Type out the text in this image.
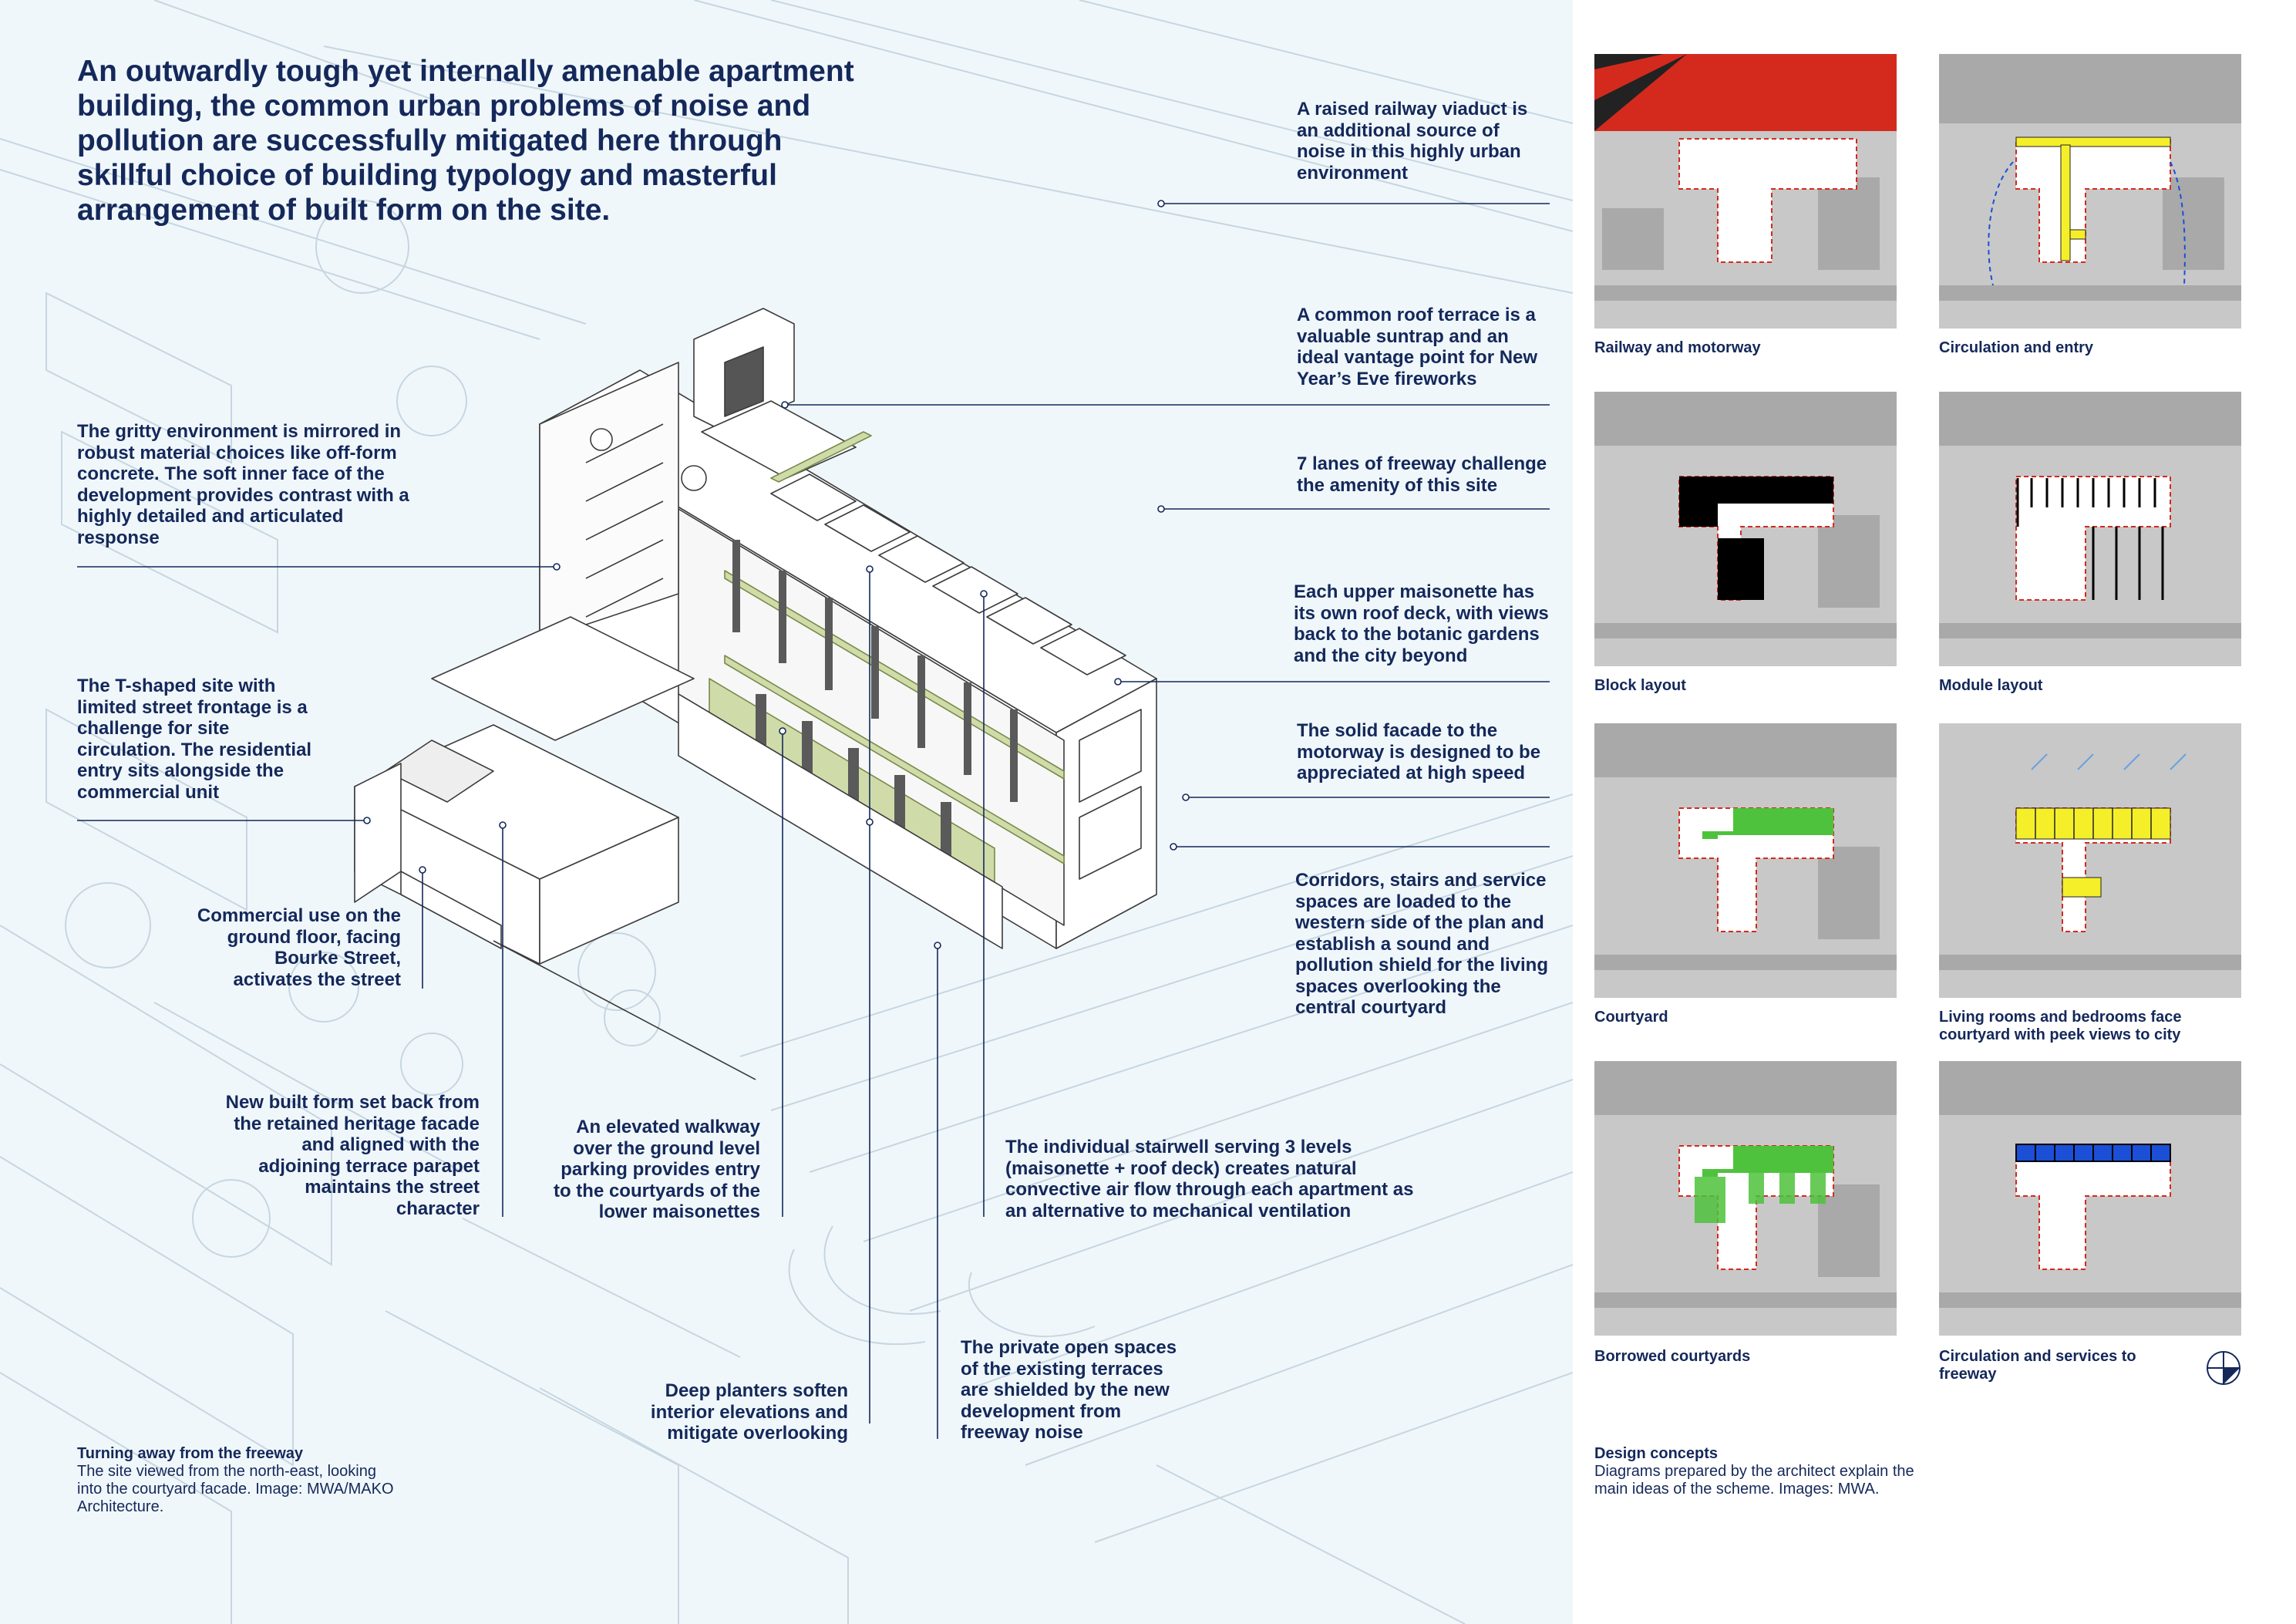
An outwardly tough yet internally amenable apartment building, the common urban problems of noise and pollution are successfully mitigated here through skillful choice of building typology and masterful arrangement of built form on the site.

A raised railway viaduct is an additional source of noise in this highly urban environment

A common roof terrace is a valuable suntrap and an ideal vantage point for New Year’s Eve fireworks

7 lanes of freeway challenge the amenity of this site

Each upper maisonette has its own roof deck, with views back to the botanic gardens and the city beyond

The solid facade to the motorway is designed to be appreciated at high speed

Corridors, stairs and service spaces are loaded to the western side of the plan and establish a sound and pollution shield for the living spaces overlooking the central courtyard

The gritty environment is mirrored in robust material choices like off-form concrete. The soft inner face of the development provides contrast with a highly detailed and articulated response

The T-shaped site with limited street frontage is a challenge for site circulation. The residential entry sits alongside the commercial unit

Commercial use on the ground floor, facing Bourke Street, activates the street

New built form set back from the retained heritage facade and aligned with the adjoining terrace parapet maintains the street character

An elevated walkway over the ground level parking provides entry to the courtyards of the lower maisonettes

The individual stairwell serving 3 levels (maisonette + roof deck) creates natural convective air flow through each apartment as an alternative to mechanical ventilation

Deep planters soften interior elevations and mitigate overlooking

The private open spaces of the existing terraces are shielded by the new development from freeway noise

Turning away from the freeway
The site viewed from the north-east, looking into the courtyard facade. Image: MWA/MAKO Architecture.

Railway and motorway	Circulation and entry

Block layout	Module layout

Courtyard	Living rooms and bedrooms face courtyard with peek views to city

Borrowed courtyards	Circulation and services to freeway

Design concepts
Diagrams prepared by the architect explain the main ideas of the scheme. Images: MWA.
